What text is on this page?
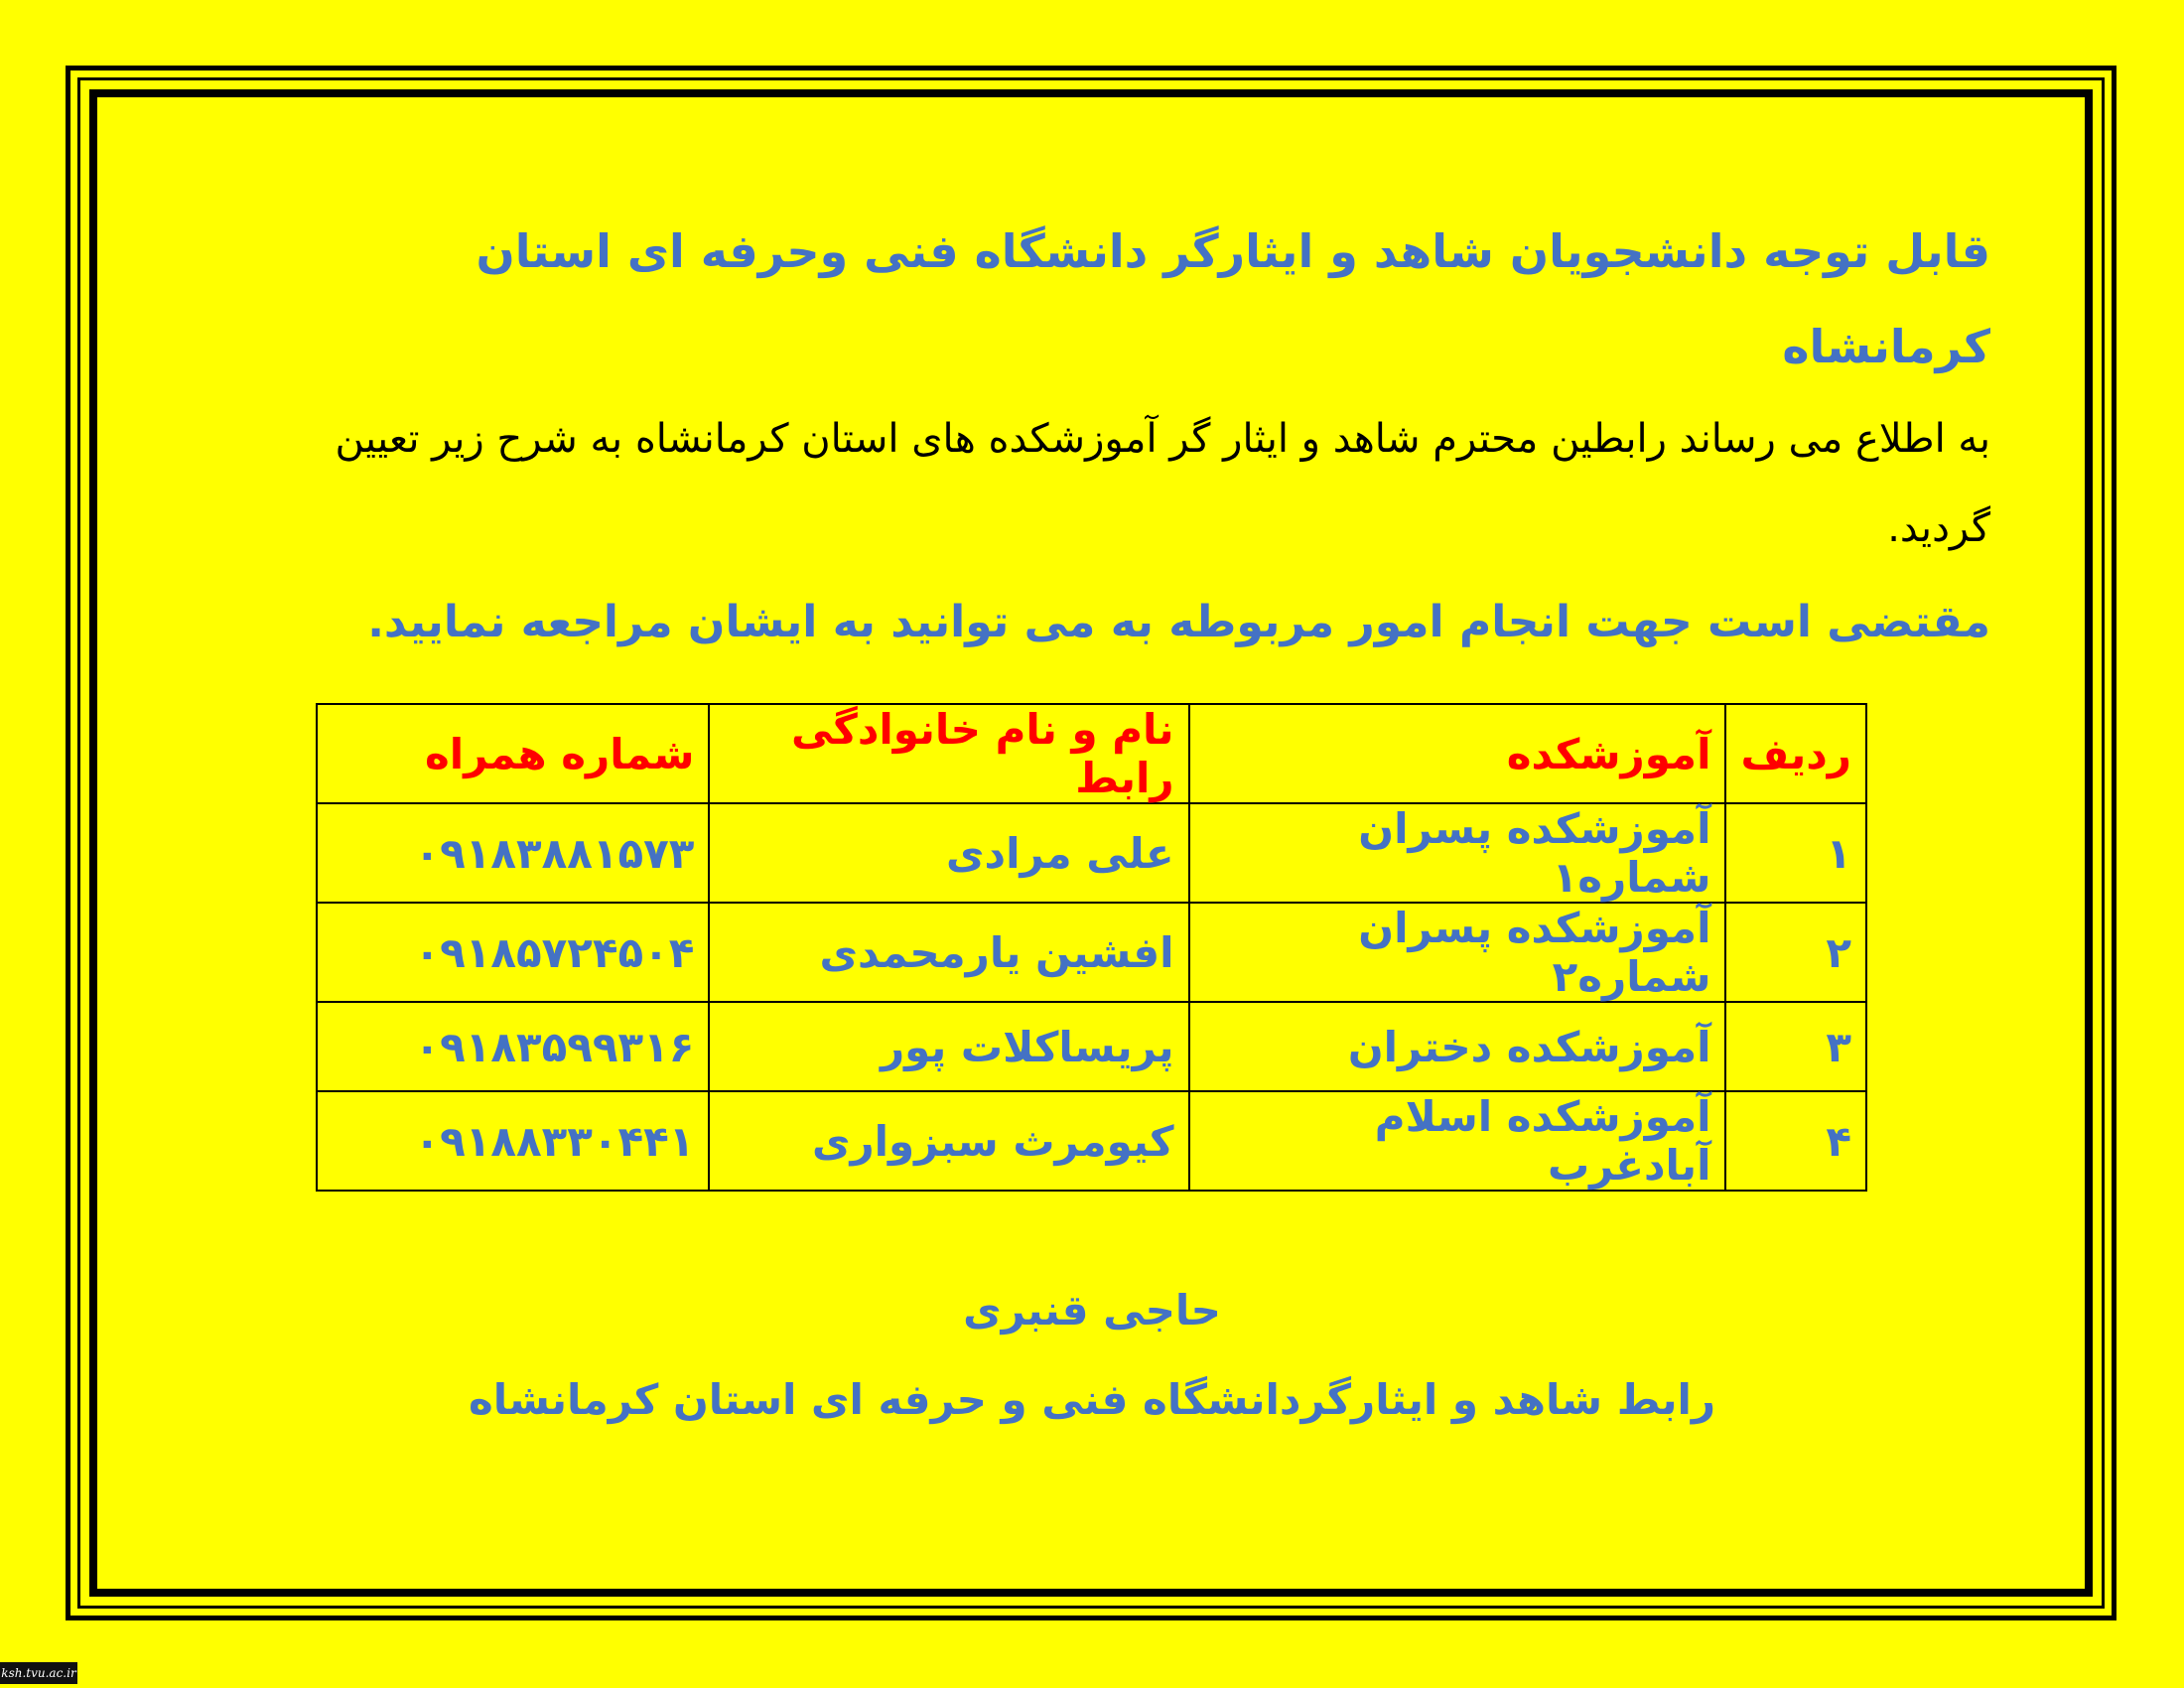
قابل توجه دانشجویان شاهد و ایثارگر دانشگاه فنی وحرفه ای استان کرمانشاه

به اطلاع می رساند رابطین محترم شاهد و ایثار گر آموزشکده های استان کرمانشاه به شرح زیر تعیین گردید.

مقتضی است جهت انجام امور مربوطه به می توانید به ایشان مراجعه نمایید.

ردیف	آموزشکده	نام و نام خانوادگی رابط	شماره همراه
۱	آموزشکده پسران شماره۱	علی مرادی	۰۹۱۸۳۸۸۱۵۷۳
۲	آموزشکده پسران شماره۲	افشین یارمحمدی	۰۹۱۸۵۷۲۴۵۰۴
۳	آموزشکده دختران	پریساکلات پور	۰۹۱۸۳۵۹۹۳۱۶
۴	آموزشکده اسلام آبادغرب	کیومرث سبزواری	۰۹۱۸۸۳۳۰۴۴۱

حاجی قنبری

رابط شاهد و ایثارگردانشگاه فنی و حرفه ای استان کرمانشاه

ksh.tvu.ac.ir
